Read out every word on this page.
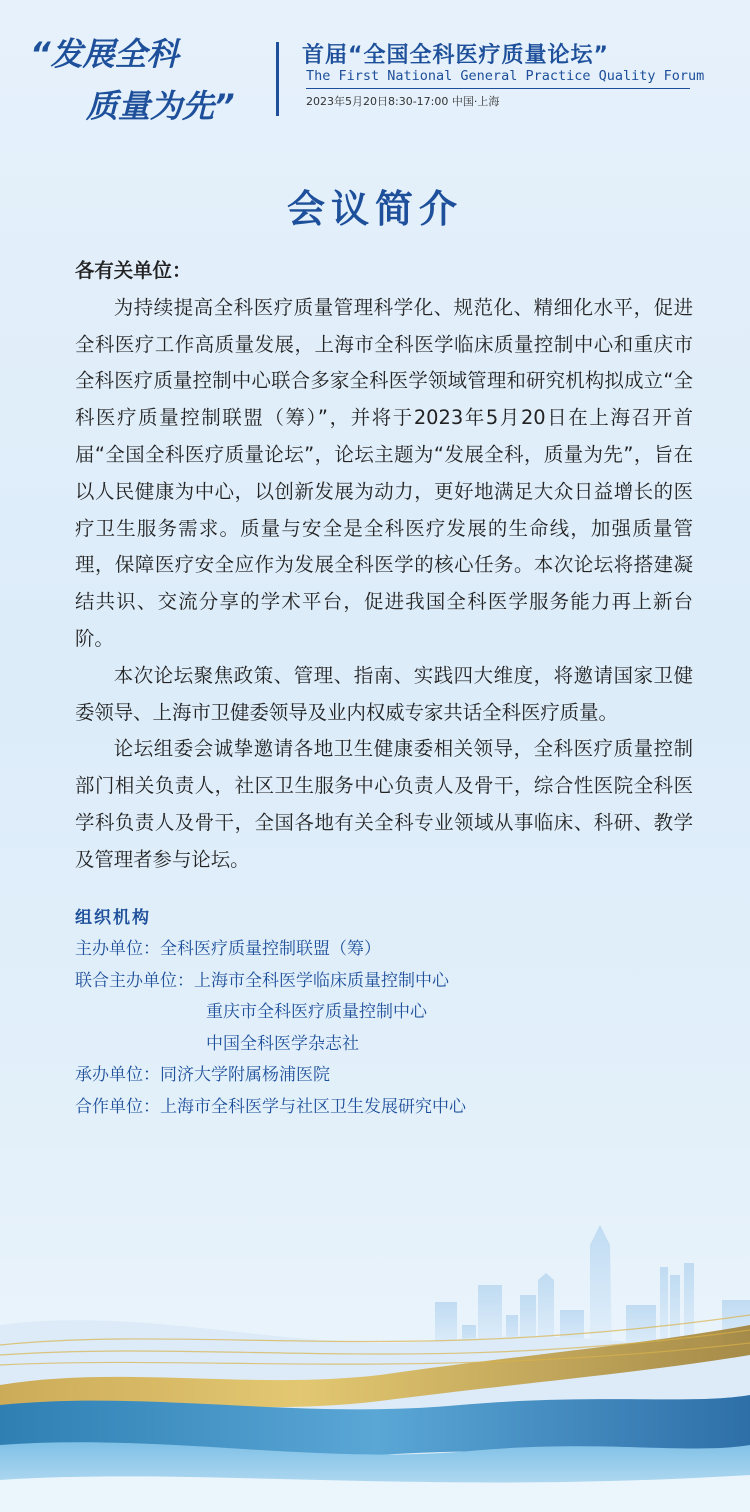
“发展全科
质量为先”
首届“全国全科医疗质量论坛”
The First National General Practice Quality Forum
2023年5月20日8:30-17:00 中国·上海
会议简介

各有关单位：

为持续提高全科医疗质量管理科学化、规范化、精细化水平，促进全科医疗工作高质量发展，上海市全科医学临床质量控制中心和重庆市全科医疗质量控制中心联合多家全科医学领域管理和研究机构拟成立“全科医疗质量控制联盟（筹）”，并将于2023年5月20日在上海召开首届“全国全科医疗质量论坛”，论坛主题为“发展全科，质量为先”，旨在以人民健康为中心，以创新发展为动力，更好地满足大众日益增长的医疗卫生服务需求。质量与安全是全科医疗发展的生命线，加强质量管理，保障医疗安全应作为发展全科医学的核心任务。本次论坛将搭建凝结共识、交流分享的学术平台，促进我国全科医学服务能力再上新台阶。

本次论坛聚焦政策、管理、指南、实践四大维度，将邀请国家卫健委领导、上海市卫健委领导及业内权威专家共话全科医疗质量。

论坛组委会诚挚邀请各地卫生健康委相关领导，全科医疗质量控制部门相关负责人，社区卫生服务中心负责人及骨干，综合性医院全科医学科负责人及骨干，全国各地有关全科专业领域从事临床、科研、教学及管理者参与论坛。

组织机构
主办单位：全科医疗质量控制联盟（筹）
联合主办单位：上海市全科医学临床质量控制中心
重庆市全科医疗质量控制中心
中国全科医学杂志社
承办单位：同济大学附属杨浦医院
合作单位：上海市全科医学与社区卫生发展研究中心
